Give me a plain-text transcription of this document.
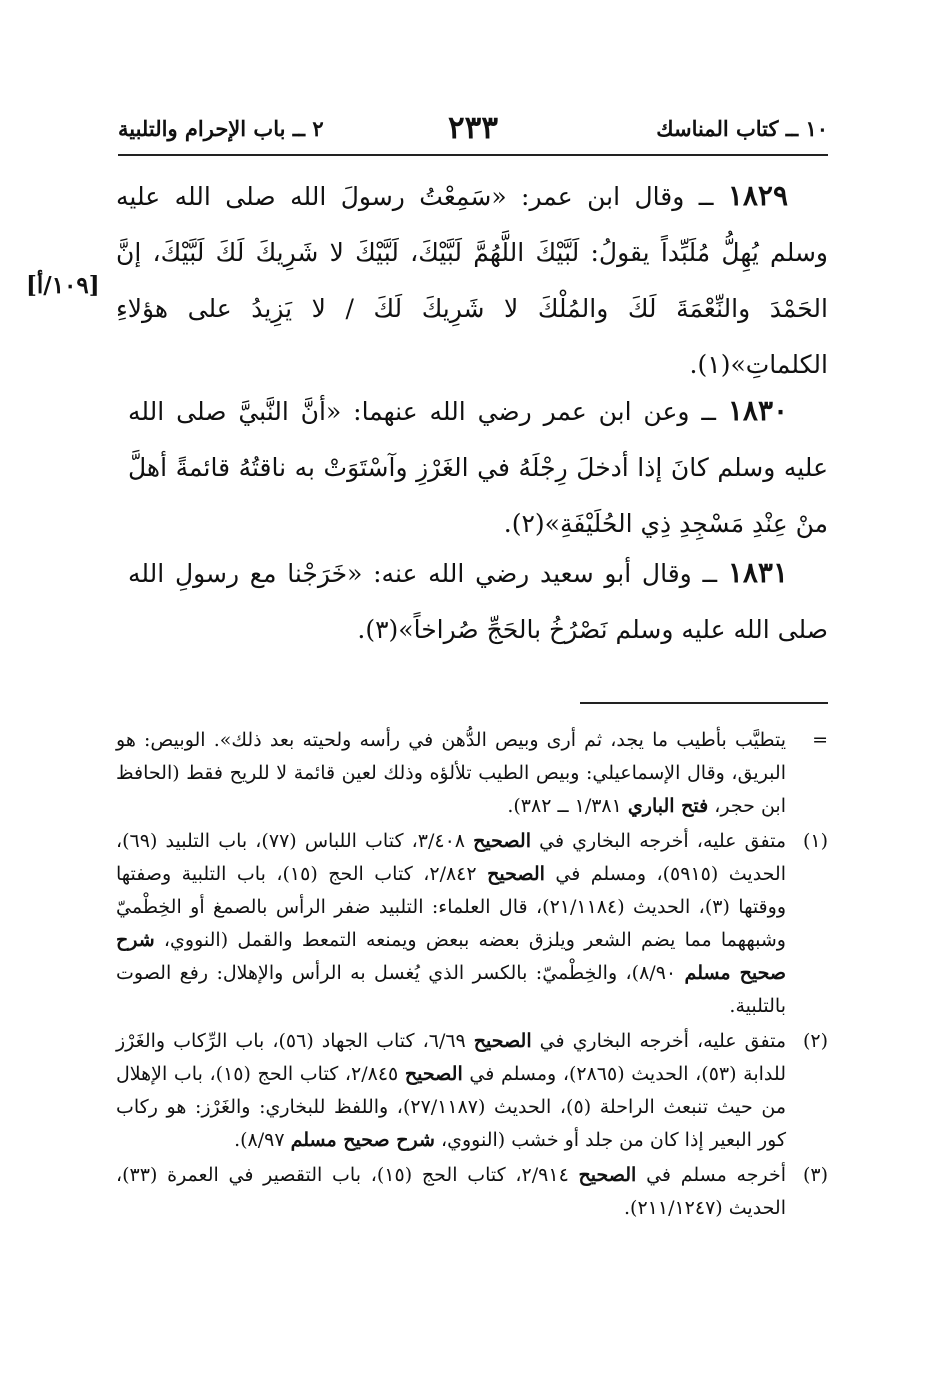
١٠ ــ كتاب المناسك
٢٣٣
٢ ــ باب الإحرام والتلبية
[١٠٩/أ]

١٨٢٩ ــ وقال ابن عمر: «سَمِعْتُ رسولَ الله صلى الله عليه وسلم يُهِلُّ مُلَبِّداً يقولُ: لَبَّيْكَ اللَّهُمَّ لَبَّيْكَ، لَبَّيْكَ لا شَرِيكَ لَكَ لَبَّيْكَ، إنَّ الحَمْدَ والنِّعْمَةَ لَكَ والمُلْكَ لا شَرِيكَ لَكَ / لا يَزِيدُ على هؤلاءِ الكلماتِ»(١).

١٨٣٠ ــ وعن ابن عمر رضي الله عنهما: «أنَّ النَّبيَّ صلى الله عليه وسلم كانَ إذا أدخلَ رِجْلَهُ في الغَرْزِ وآسْتَوَتْ به ناقتُهُ قائمةً أهلَّ منْ عِنْدِ مَسْجِدِ ذِي الحُلَيْفَةِ»(٢).

١٨٣١ ــ وقال أبو سعيد رضي الله عنه: «خَرَجْنا مع رسولِ الله صلى الله عليه وسلم نَصْرُخُ بالحَجِّ صُراخاً»(٣).

=
يتطيَّب بأطيب ما يجد، ثم أرى وبيص الدُّهن في رأسه ولحيته بعد ذلك». الوبيص: هو البريق، وقال الإسماعيلي: وبيص الطيب تلألؤه وذلك لعين قائمة لا للريح فقط (الحافظ ابن حجر، فتح الباري ١/٣٨١ ــ ٣٨٢).
(١)
متفق عليه، أخرجه البخاري في الصحيح ٣/٤٠٨، كتاب اللباس (٧٧)، باب التلبيد (٦٩)، الحديث (٥٩١٥)، ومسلم في الصحيح ٢/٨٤٢، كتاب الحج (١٥)، باب التلبية وصفتها ووقتها (٣)، الحديث (٢١/١١٨٤)، قال العلماء: التلبيد ضفر الرأس بالصمغ أو الخِطْميّ وشبههما مما يضم الشعر ويلزق بعضه ببعض ويمنعه التمعط والقمل (النووي، شرح صحيح مسلم ٨/٩٠)، والخِطْميّ: بالكسر الذي يُغسل به الرأس والإهلال: رفع الصوت بالتلبية.
(٢)
متفق عليه، أخرجه البخاري في الصحيح ٦/٦٩، كتاب الجهاد (٥٦)، باب الرِّكاب والغَرْز للدابة (٥٣)، الحديث (٢٨٦٥)، ومسلم في الصحيح ٢/٨٤٥، كتاب الحج (١٥)، باب الإهلال من حيث تنبعث الراحلة (٥)، الحديث (٢٧/١١٨٧)، واللفظ للبخاري: والغَرْز: هو ركاب كور البعير إذا كان من جلد أو خشب (النووي، شرح صحيح مسلم ٨/٩٧).
(٣)
أخرجه مسلم في الصحيح ٢/٩١٤، كتاب الحج (١٥)، باب التقصير في العمرة (٣٣)، الحديث (٢١١/١٢٤٧).
